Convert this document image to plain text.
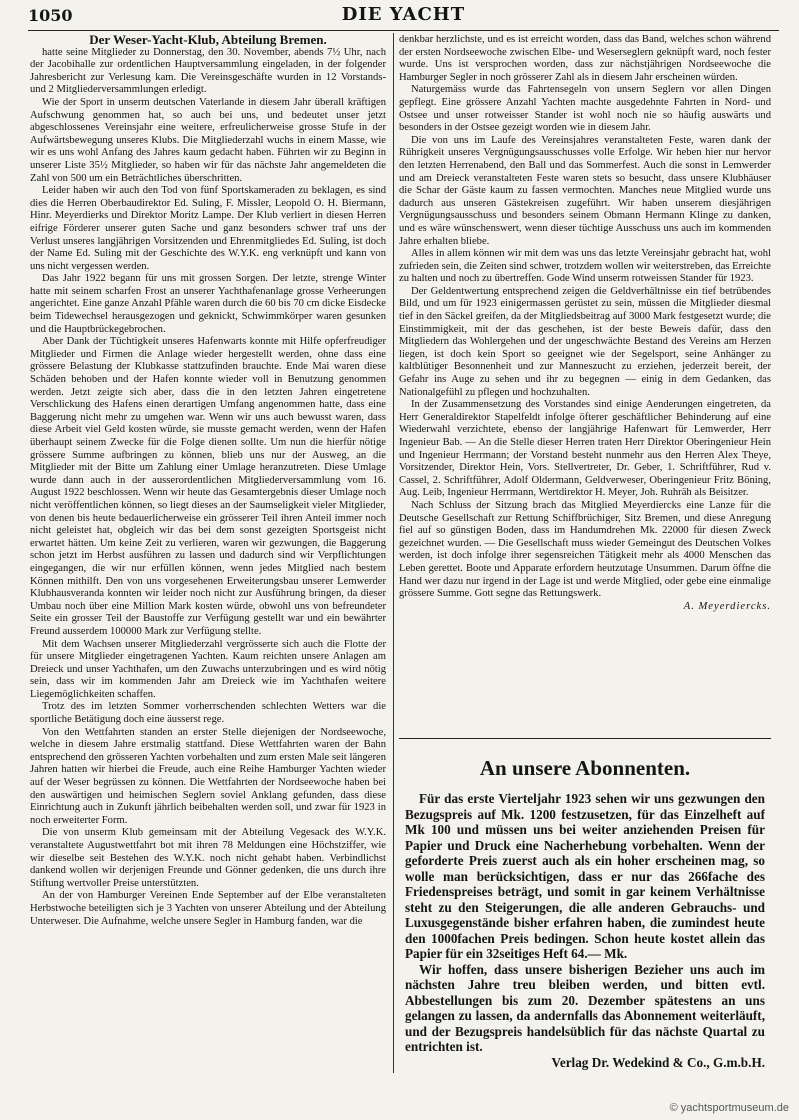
1050	DIE YACHT

Der Weser-Yacht-Klub, Abteilung Bremen.

hatte seine Mitglieder zu Donnerstag, den 30. November, abends 7½ Uhr, nach der Jacobihalle zur ordentlichen Hauptversammlung eingeladen, in der folgender Jahresbericht zur Verlesung kam. Die Vereinsgeschäfte wurden in 12 Vorstands- und 2 Mitgliederversammlungen erledigt.

Wie der Sport in unserm deutschen Vaterlande in diesem Jahr überall kräftigen Aufschwung genommen hat, so auch bei uns, und bedeutet unser jetzt abgeschlossenes Vereinsjahr eine weitere, erfreulicherweise grosse Stufe in der Aufwärtsbewegung unseres Klubs. Die Mitgliederzahl wuchs in einem Masse, wie wir es uns wohl Anfang des Jahres kaum gedacht haben. Führten wir zu Beginn in unserer Liste 35½ Mitglieder, so haben wir für das nächste Jahr angemeldeten die Zahl von 500 um ein Beträchtliches überschritten.

Leider haben wir auch den Tod von fünf Sportskameraden zu beklagen, es sind dies die Herren Oberbaudirektor Ed. Suling, F. Missler, Leopold O. H. Biermann, Hinr. Meyerdierks und Direktor Moritz Lampe. Der Klub verliert in diesen Herren eifrige Förderer unserer guten Sache und ganz besonders schwer traf uns der Verlust unseres langjährigen Vorsitzenden und Ehrenmitgliedes Ed. Suling, ist doch der Name Ed. Suling mit der Geschichte des W.Y.K. eng verknüpft und kann von uns nicht vergessen werden.

Das Jahr 1922 begann für uns mit grossen Sorgen. Der letzte, strenge Winter hatte mit seinem scharfen Frost an unserer Yachthafenanlage grosse Verheerungen angerichtet. Eine ganze Anzahl Pfähle waren durch die 60 bis 70 cm dicke Eisdecke beim Tidewechsel herausgezogen und geknickt, Schwimmkörper waren gesunken und die Hauptbrückegebrochen.

Aber Dank der Tüchtigkeit unseres Hafenwarts konnte mit Hilfe opferfreudiger Mitglieder und Firmen die Anlage wieder hergestellt werden, ohne dass eine grössere Belastung der Klubkasse stattzufinden brauchte. Ende Mai waren diese Schäden behoben und der Hafen konnte wieder voll in Benutzung genommen werden. Jetzt zeigte sich aber, dass die in den letzten Jahren eingetretene Verschlickung des Hafens einen derartigen Umfang angenommen hatte, dass eine Baggerung nicht mehr zu umgehen war. Wenn wir uns auch bewusst waren, dass diese Arbeit viel Geld kosten würde, sie musste gemacht werden, wenn der Hafen überhaupt seinem Zwecke für die Folge dienen sollte. Um nun die hierfür nötige grössere Summe aufbringen zu können, blieb uns nur der Ausweg, an die Mitglieder mit der Bitte um Zahlung einer Umlage heranzutreten. Diese Umlage wurde dann auch in der ausserordentlichen Mitgliederversammlung vom 16. August 1922 beschlossen. Wenn wir heute das Gesamtergebnis dieser Umlage noch nicht veröffentlichen können, so liegt dieses an der Saumseligkeit vieler Mitglieder, von denen bis heute bedauerlicherweise ein grösserer Teil ihren Anteil immer noch nicht geleistet hat, obgleich wir das bei dem sonst gezeigten Sportsgeist nicht erwartet hätten. Um keine Zeit zu verlieren, waren wir gezwungen, die Baggerung schon jetzt im Herbst ausführen zu lassen und dadurch sind wir Verpflichtungen eingegangen, die wir nur erfüllen können, wenn jedes Mitglied nach bestem Können mithilft. Den von uns vorgesehenen Erweiterungsbau unserer Lemwerder Klubhausveranda konnten wir leider noch nicht zur Ausführung bringen, da dieser Umbau noch über eine Million Mark kosten würde, obwohl uns von befreundeter Seite ein grosser Teil der Baustoffe zur Verfügung gestellt war und ein bewährter Freund ausserdem 100000 Mark zur Verfügung stellte.

Mit dem Wachsen unserer Mitgliederzahl vergrösserte sich auch die Flotte der für unsere Mitglieder eingetragenen Yachten. Kaum reichten unsere Anlagen am Dreieck und unser Yachthafen, um den Zuwachs unterzubringen und es wird nötig sein, dass wir im kommenden Jahr am Dreieck wie im Yachthafen weitere Liegemöglichkeiten schaffen.

Trotz des im letzten Sommer vorherrschenden schlechten Wetters war die sportliche Betätigung doch eine äusserst rege.

Von den Wettfahrten standen an erster Stelle diejenigen der Nordseewoche, welche in diesem Jahre erstmalig stattfand. Diese Wettfahrten waren der Bahn entsprechend den grösseren Yachten vorbehalten und zum ersten Male seit längeren Jahren hatten wir hierbei die Freude, auch eine Reihe Hamburger Yachten wieder auf der Weser begrüssen zu können. Die Wettfahrten der Nordseewoche haben bei den auswärtigen und heimischen Seglern soviel Anklang gefunden, dass diese Einrichtung auch in Zukunft jährlich beibehalten werden soll, und zwar für 1923 in noch erweiterter Form.

Die von unserm Klub gemeinsam mit der Abteilung Vegesack des W.Y.K. veranstaltete Augustwettfahrt bot mit ihren 78 Meldungen eine Höchstziffer, wie wir dieselbe seit Bestehen des W.Y.K. noch nicht gehabt haben. Verbindlichst dankend wollen wir derjenigen Freunde und Gönner gedenken, die uns durch ihre Stiftung wertvoller Preise unterstützten.

An der von Hamburger Vereinen Ende September auf der Elbe veranstalteten Herbstwoche beteiligten sich je 3 Yachten von unserer Abteilung und der Abteilung Unterweser. Die Aufnahme, welche unsere Segler in Hamburg fanden, war die

denkbar herzlichste, und es ist erreicht worden, dass das Band, welches schon während der ersten Nordseewoche zwischen Elbe- und Weserseglern geknüpft ward, noch fester wurde. Uns ist versprochen worden, dass zur nächstjährigen Nordseewoche die Hamburger Segler in noch grösserer Zahl als in diesem Jahr erscheinen würden.

Naturgemäss wurde das Fahrtensegeln von unsern Seglern vor allen Dingen gepflegt. Eine grössere Anzahl Yachten machte ausgedehnte Fahrten in Nord- und Ostsee und unser rotweisser Stander ist wohl noch nie so häufig auswärts und besonders in der Ostsee gezeigt worden wie in diesem Jahr.

Die von uns im Laufe des Vereinsjahres veranstalteten Feste, waren dank der Rührigkeit unseres Vergnügungsausschusses volle Erfolge. Wir heben hier nur hervor den letzten Herrenabend, den Ball und das Sommerfest. Auch die sonst in Lemwerder und am Dreieck veranstalteten Feste waren stets so besucht, dass unsere Klubhäuser die Schar der Gäste kaum zu fassen vermochten. Manches neue Mitglied wurde uns dadurch aus unseren Gästekreisen zugeführt. Wir haben unserem diesjährigen Vergnügungsausschuss und besonders seinem Obmann Hermann Klinge zu danken, und es wäre wünschenswert, wenn dieser tüchtige Ausschuss uns auch im kommenden Jahre erhalten bliebe.

Alles in allem können wir mit dem was uns das letzte Vereinsjahr gebracht hat, wohl zufrieden sein, die Zeiten sind schwer, trotzdem wollen wir weiterstreben, das Erreichte zu halten und noch zu übertreffen. Gode Wind unserm rotweissen Stander für 1923.

Der Geldentwertung entsprechend zeigen die Geldverhältnisse ein tief betrübendes Bild, und um für 1923 einigermassen gerüstet zu sein, müssen die Mitglieder diesmal tief in den Säckel greifen, da der Mitgliedsbeitrag auf 3000 Mark festgesetzt wurde; die Einstimmigkeit, mit der das geschehen, ist der beste Beweis dafür, dass den Mitgliedern das Wohlergehen und der ungeschwächte Bestand des Vereins am Herzen liegen, ist doch kein Sport so geeignet wie der Segelsport, seine Anhänger zu kaltblütiger Besonnenheit und zur Manneszucht zu erziehen, jederzeit bereit, der Gefahr ins Auge zu sehen und ihr zu begegnen — einig in dem Gedanken, das Nationalgefühl zu pflegen und hochzuhalten.

In der Zusammensetzung des Vorstandes sind einige Aenderungen eingetreten, da Herr Generaldirektor Stapelfeldt infolge öfterer geschäftlicher Behinderung auf eine Wiederwahl verzichtete, ebenso der langjährige Hafenwart für Lemwerder, Herr Ingenieur Bab. — An die Stelle dieser Herren traten Herr Direktor Oberingenieur Hein und Ingenieur Herrmann; der Vorstand besteht nunmehr aus den Herren Alex Theye, Vorsitzender, Direktor Hein, Vors. Stellvertreter, Dr. Geber, 1. Schriftführer, Rud v. Cassel, 2. Schriftführer, Adolf Oldermann, Geldverweser, Oberingenieur Fritz Böning, Aug. Leib, Ingenieur Herrmann, Wertdirektor H. Meyer, Joh. Ruhräh als Beisitzer.

Nach Schluss der Sitzung brach das Mitglied Meyerdiercks eine Lanze für die Deutsche Gesellschaft zur Rettung Schiffbrüchiger, Sitz Bremen, und diese Anregung fiel auf so günstigen Boden, dass im Handumdrehen Mk. 22000 für diesen Zweck gezeichnet wurden. — Die Gesellschaft muss wieder Gemeingut des Deutschen Volkes werden, ist doch infolge ihrer segensreichen Tätigkeit mehr als 4000 Menschen das Leben gerettet. Boote und Apparate erfordern heutzutage Unsummen. Darum öffne die Hand wer dazu nur irgend in der Lage ist und werde Mitglied, oder gebe eine einmalige grössere Summe. Gott segne das Rettungswerk.

A. Meyerdiercks.

An unsere Abonnenten.

Für das erste Vierteljahr 1923 sehen wir uns gezwungen den Bezugspreis auf Mk. 1200 festzusetzen, für das Einzelheft auf Mk 100 und müssen uns bei weiter anziehenden Preisen für Papier und Druck eine Nacherhebung vorbehalten. Wenn der geforderte Preis zuerst auch als ein hoher erscheinen mag, so wolle man berücksichtigen, dass er nur das 266fache des Friedenspreises beträgt, und somit in gar keinem Verhältnisse steht zu den Steigerungen, die alle anderen Gebrauchs- und Luxusgegenstände bisher erfahren haben, die zumindest heute den 1000fachen Preis bedingen. Schon heute kostet allein das Papier für ein 32seitiges Heft 64.— Mk.

Wir hoffen, dass unsere bisherigen Bezieher uns auch im nächsten Jahre treu bleiben werden, und bitten evtl. Abbestellungen bis zum 20. Dezember spätestens an uns gelangen zu lassen, da andernfalls das Abonnement weiterläuft, und der Bezugspreis handelsüblich für das nächste Quartal zu entrichten ist.

Verlag Dr. Wedekind & Co., G.m.b.H.

© yachtsportmuseum.de
